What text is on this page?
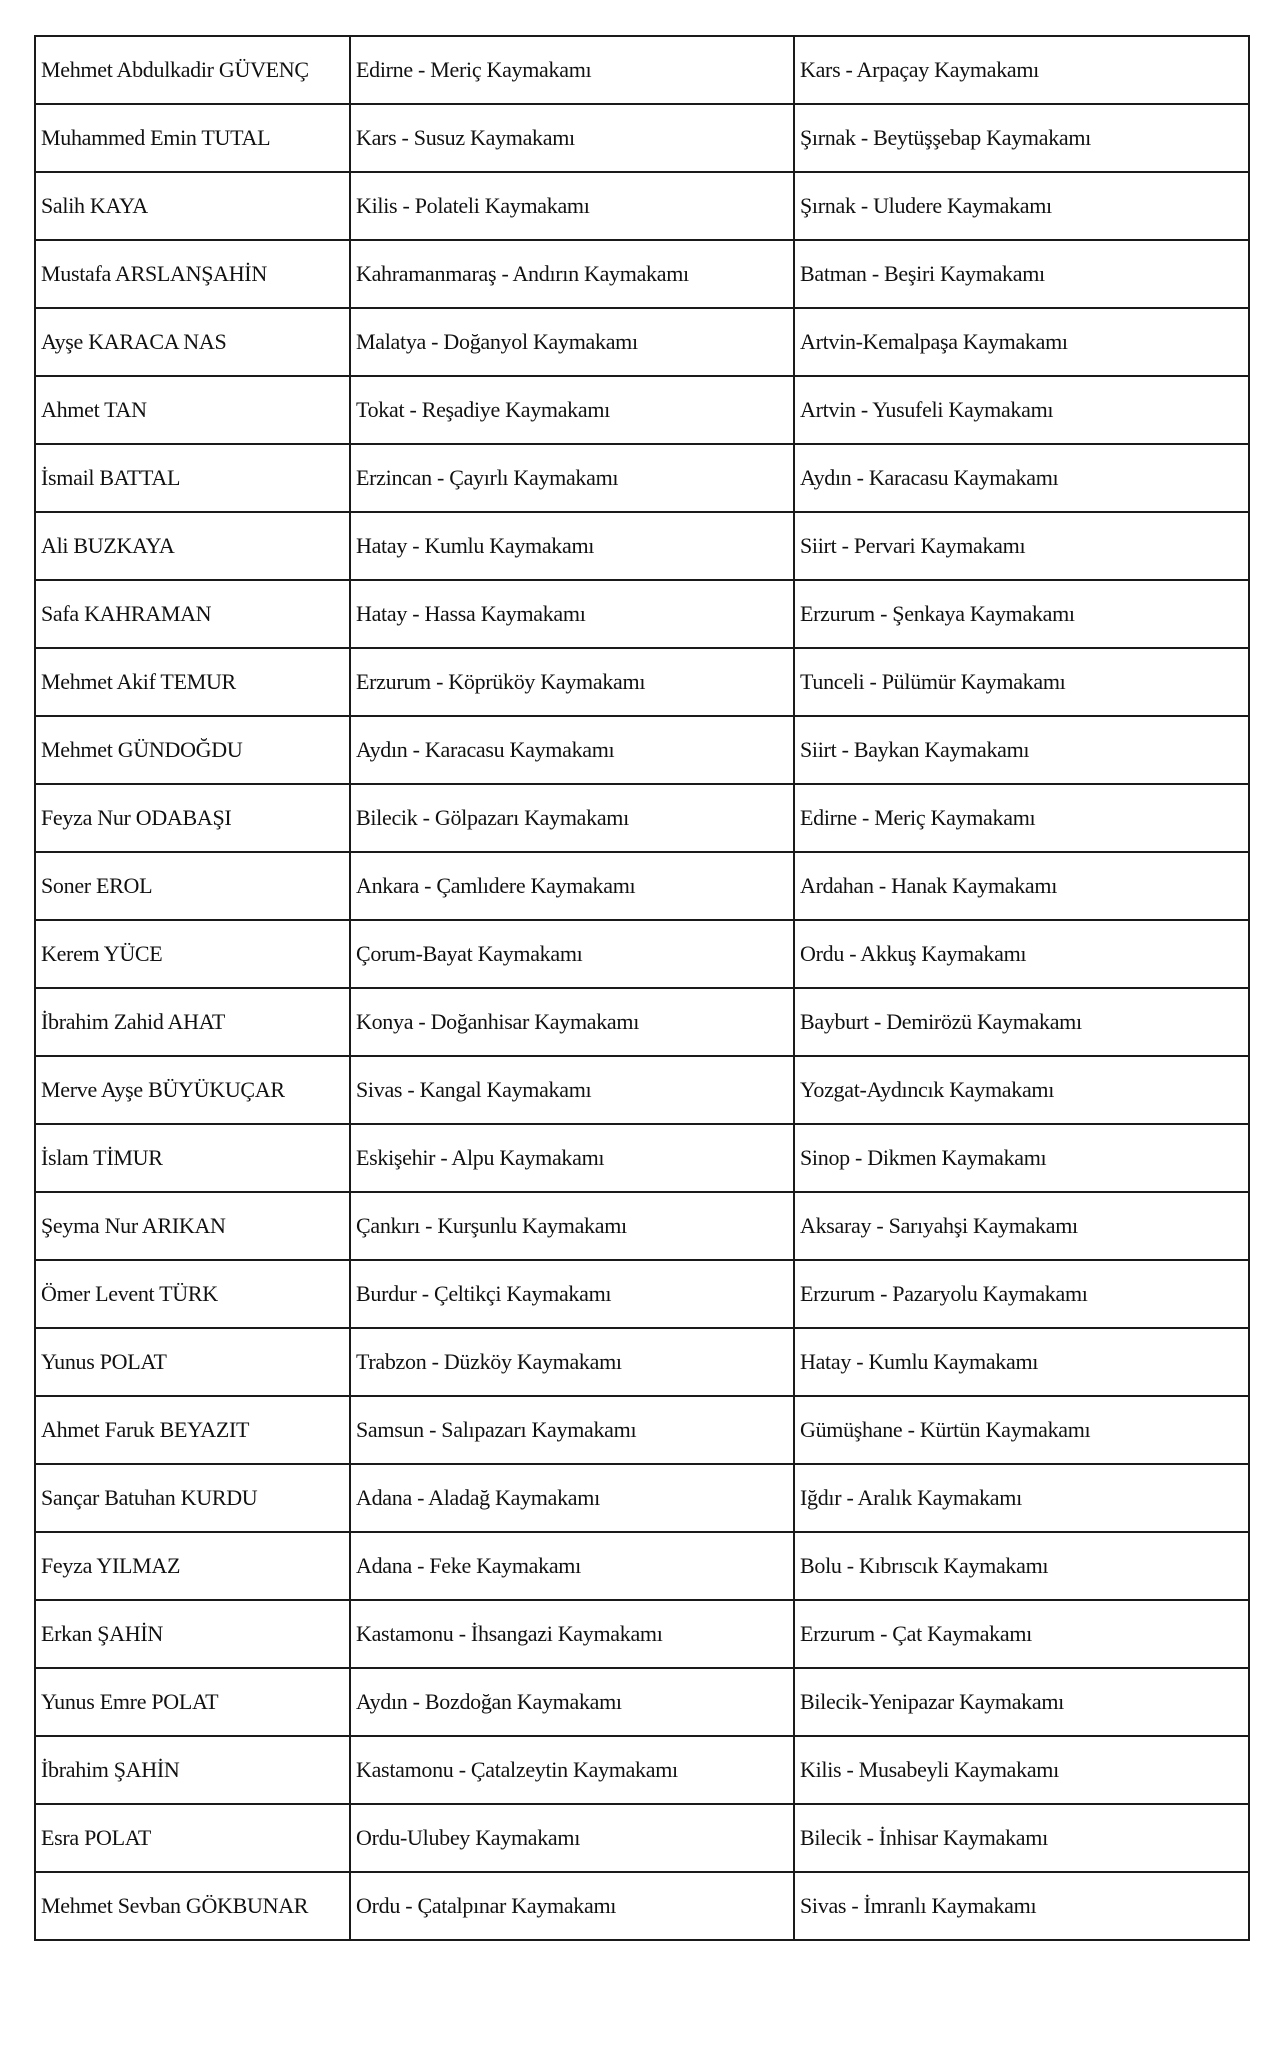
Mehmet Abdulkadir GÜVENÇ	Edirne - Meriç Kaymakamı	Kars - Arpaçay Kaymakamı
Muhammed Emin TUTAL	Kars - Susuz Kaymakamı	Şırnak - Beytüşşebap Kaymakamı
Salih KAYA	Kilis - Polateli Kaymakamı	Şırnak - Uludere Kaymakamı
Mustafa ARSLANŞAHİN	Kahramanmaraş - Andırın Kaymakamı	Batman - Beşiri Kaymakamı
Ayşe KARACA NAS	Malatya - Doğanyol Kaymakamı	Artvin-Kemalpaşa Kaymakamı
Ahmet TAN	Tokat - Reşadiye Kaymakamı	Artvin - Yusufeli Kaymakamı
İsmail BATTAL	Erzincan - Çayırlı Kaymakamı	Aydın - Karacasu Kaymakamı
Ali BUZKAYA	Hatay - Kumlu Kaymakamı	Siirt - Pervari Kaymakamı
Safa KAHRAMAN	Hatay - Hassa Kaymakamı	Erzurum - Şenkaya Kaymakamı
Mehmet Akif TEMUR	Erzurum - Köprüköy Kaymakamı	Tunceli - Pülümür Kaymakamı
Mehmet GÜNDOĞDU	Aydın - Karacasu Kaymakamı	Siirt - Baykan Kaymakamı
Feyza Nur ODABAŞI	Bilecik - Gölpazarı Kaymakamı	Edirne - Meriç Kaymakamı
Soner EROL	Ankara - Çamlıdere Kaymakamı	Ardahan - Hanak Kaymakamı
Kerem YÜCE	Çorum-Bayat Kaymakamı	Ordu - Akkuş Kaymakamı
İbrahim Zahid AHAT	Konya - Doğanhisar Kaymakamı	Bayburt - Demirözü Kaymakamı
Merve Ayşe BÜYÜKUÇAR	Sivas - Kangal Kaymakamı	Yozgat-Aydıncık Kaymakamı
İslam TİMUR	Eskişehir - Alpu Kaymakamı	Sinop - Dikmen Kaymakamı
Şeyma Nur ARIKAN	Çankırı - Kurşunlu Kaymakamı	Aksaray - Sarıyahşi Kaymakamı
Ömer Levent TÜRK	Burdur - Çeltikçi Kaymakamı	Erzurum - Pazaryolu Kaymakamı
Yunus POLAT	Trabzon - Düzköy Kaymakamı	Hatay - Kumlu Kaymakamı
Ahmet Faruk BEYAZIT	Samsun - Salıpazarı Kaymakamı	Gümüşhane - Kürtün Kaymakamı
Sançar Batuhan KURDU	Adana - Aladağ Kaymakamı	Iğdır - Aralık Kaymakamı
Feyza YILMAZ	Adana - Feke Kaymakamı	Bolu - Kıbrıscık Kaymakamı
Erkan ŞAHİN	Kastamonu - İhsangazi Kaymakamı	Erzurum - Çat Kaymakamı
Yunus Emre POLAT	Aydın - Bozdoğan Kaymakamı	Bilecik-Yenipazar Kaymakamı
İbrahim ŞAHİN	Kastamonu - Çatalzeytin Kaymakamı	Kilis - Musabeyli Kaymakamı
Esra POLAT	Ordu-Ulubey Kaymakamı	Bilecik - İnhisar Kaymakamı
Mehmet Sevban GÖKBUNAR	Ordu - Çatalpınar Kaymakamı	Sivas - İmranlı Kaymakamı
